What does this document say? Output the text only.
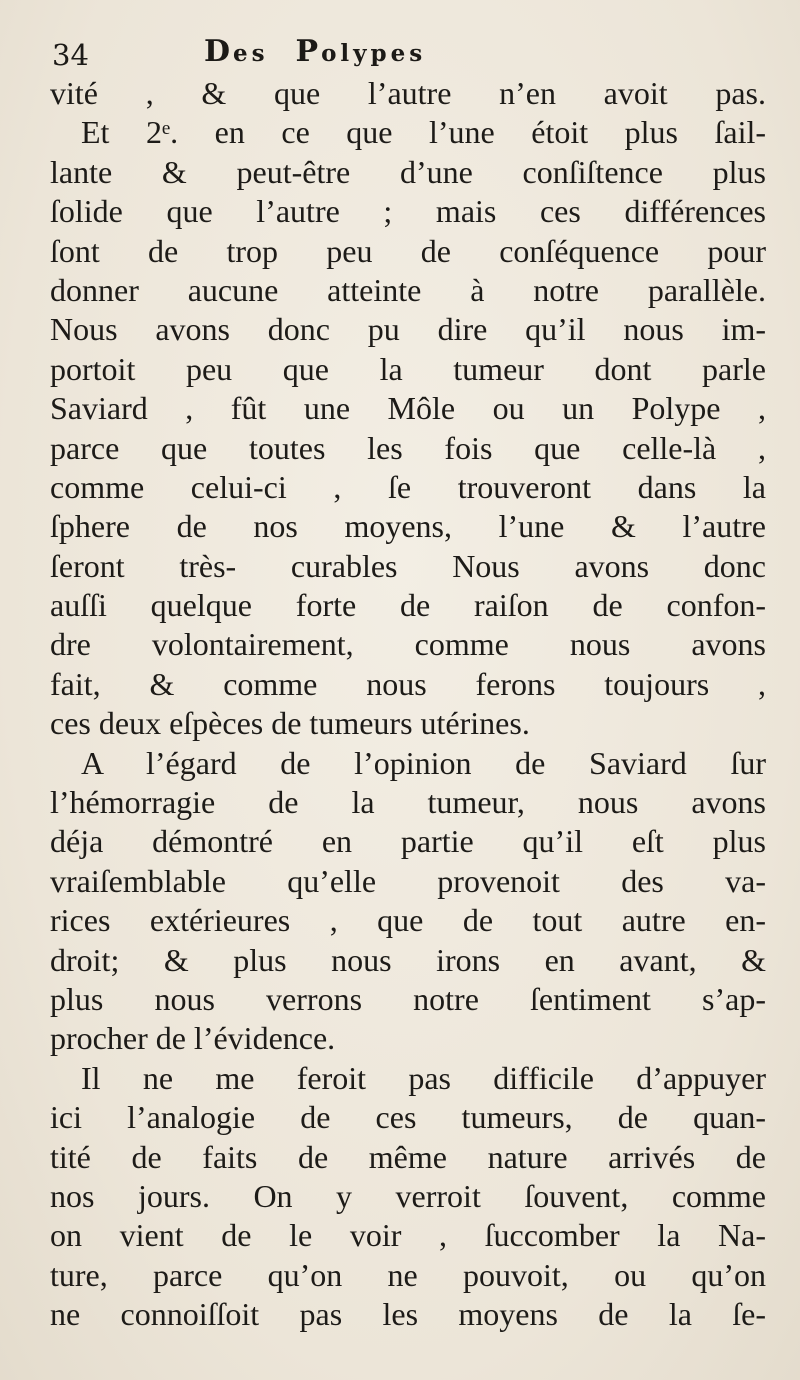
34	Des Polypes
vité , & que l’autre n’en avoit pas.
Et 2ᵉ. en ce que l’une étoit plus ſail-
lante & peut-être d’une conſiſtence plus
ſolide que l’autre ; mais ces différences
ſont de trop peu de conſéquence pour
donner aucune atteinte à notre parallèle.
Nous avons donc pu dire qu’il nous im-
portoit peu que la tumeur dont parle
Saviard , fût une Môle ou un Polype ,
parce que toutes les fois que celle-là ,
comme celui-ci , ſe trouveront dans la
ſphere de nos moyens, l’une & l’autre
ſeront très- curables Nous avons donc
auſſi quelque forte de raiſon de confon-
dre volontairement, comme nous avons
fait, & comme nous ferons toujours ,
ces deux eſpèces de tumeurs utérines.
A l’égard de l’opinion de Saviard ſur
l’hémorragie de la tumeur, nous avons
déja démontré en partie qu’il eſt plus
vraiſemblable qu’elle provenoit des va-
rices extérieures , que de tout autre en-
droit; & plus nous irons en avant, &
plus nous verrons notre ſentiment s’ap-
procher de l’évidence.
Il ne me feroit pas difficile d’appuyer
ici l’analogie de ces tumeurs, de quan-
tité de faits de même nature arrivés de
nos jours. On y verroit ſouvent, comme
on vient de le voir , ſuccomber la Na-
ture, parce qu’on ne pouvoit, ou qu’on
ne connoiſſoit pas les moyens de la ſe-
